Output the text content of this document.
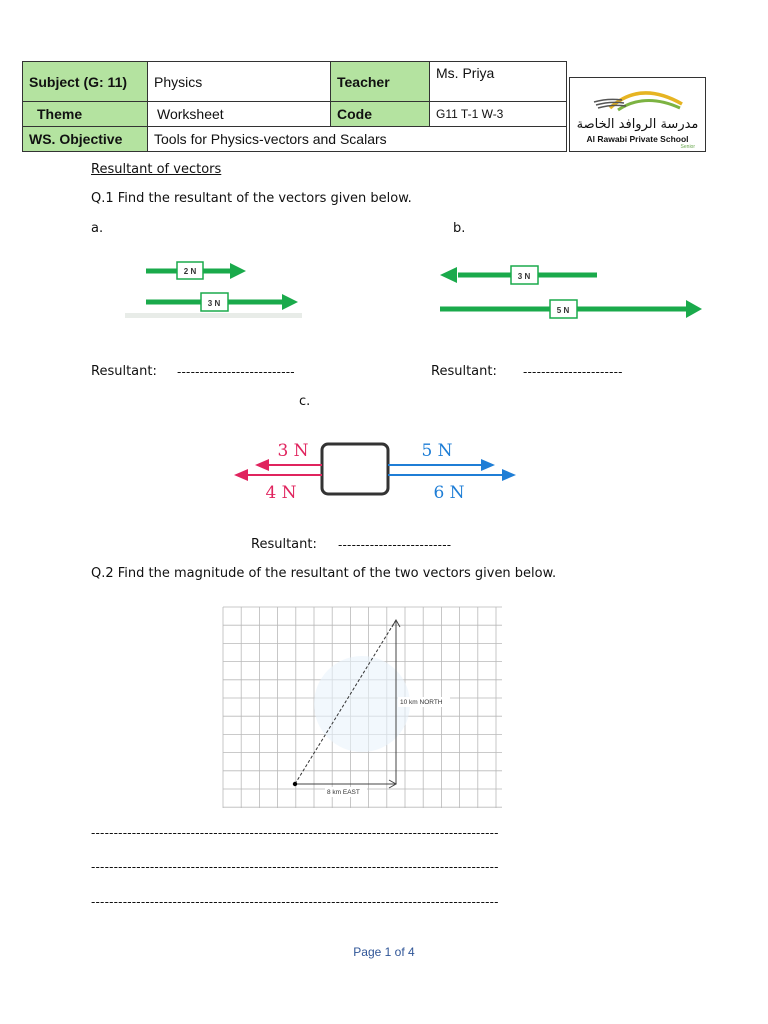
Subject (G: 11)	Physics	Teacher	Ms. Priya
Theme	Worksheet	Code	G11 T-1 W-3
WS. Objective	Tools for Physics-vectors and Scalars		
مدرسة الروافد الخاصة
Al Rawabi Private School
Senior
Resultant of vectors
Q.1 Find the resultant of the vectors given below.
a.	b.
2 N
3 N
3 N
5 N
Resultant: --------------------------	Resultant: ----------------------
c.
3 N
4 N
5 N
6 N
Resultant: -------------------------
Q.2 Find the magnitude of the resultant of the two vectors given below.
10 km NORTH
8 km EAST
------------------------------------------------------------------------------------------
------------------------------------------------------------------------------------------
------------------------------------------------------------------------------------------
Page 1 of 4
